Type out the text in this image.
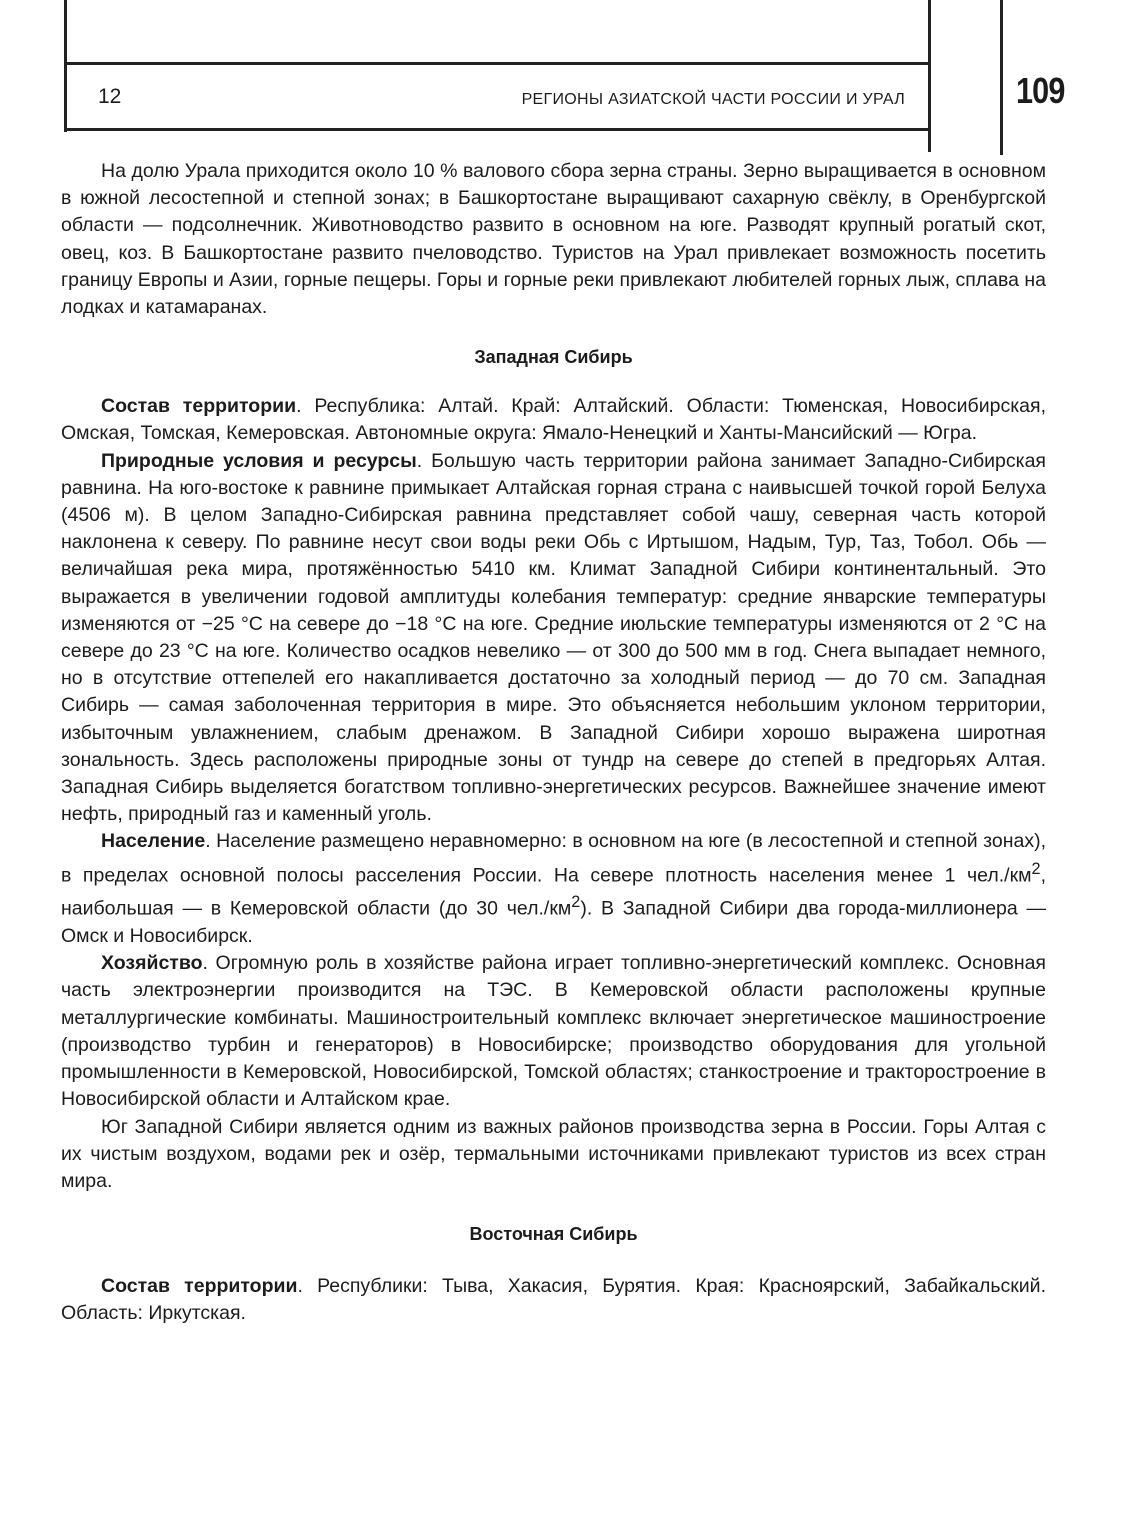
12	РЕГИОНЫ АЗИАТСКОЙ ЧАСТИ РОССИИ И УРАЛ	109

На долю Урала приходится около 10 % валового сбора зерна страны. Зерно выращивается в основном в южной лесостепной и степной зонах; в Башкортостане выращивают сахарную свёклу, в Оренбургской области — подсолнечник. Животноводство развито в основном на юге. Разводят крупный рогатый скот, овец, коз. В Башкортостане развито пчеловодство. Туристов на Урал привлекает возможность посетить границу Европы и Азии, горные пещеры. Горы и горные реки привлекают любителей горных лыж, сплава на лодках и катамаранах.

Западная Сибирь

Состав территории. Республика: Алтай. Край: Алтайский. Области: Тюменская, Новосибирская, Омская, Томская, Кемеровская. Автономные округа: Ямало-Ненецкий и Ханты-Мансийский — Югра.

Природные условия и ресурсы. Большую часть территории района занимает Западно-Сибирская равнина. На юго-востоке к равнине примыкает Алтайская горная страна с наивысшей точкой горой Белуха (4506 м). В целом Западно-Сибирская равнина представляет собой чашу, северная часть которой наклонена к северу. По равнине несут свои воды реки Обь с Иртышом, Надым, Тур, Таз, Тобол. Обь — величайшая река мира, протяжённостью 5410 км. Климат Западной Сибири континентальный. Это выражается в увеличении годовой амплитуды колебания температур: средние январские температуры изменяются от −25 °С на севере до −18 °С на юге. Средние июльские температуры изменяются от 2 °С на севере до 23 °С на юге. Количество осадков невелико — от 300 до 500 мм в год. Снега выпадает немного, но в отсутствие оттепелей его накапливается достаточно за холодный период — до 70 см. Западная Сибирь — самая заболоченная территория в мире. Это объясняется небольшим уклоном территории, избыточным увлажнением, слабым дренажом. В Западной Сибири хорошо выражена широтная зональность. Здесь расположены природные зоны от тундр на севере до степей в предгорьях Алтая. Западная Сибирь выделяется богатством топливно-энергетических ресурсов. Важнейшее значение имеют нефть, природный газ и каменный уголь.

Население. Население размещено неравномерно: в основном на юге (в лесостепной и степной зонах), в пределах основной полосы расселения России. На севере плотность населения менее 1 $чел./км^2$, наибольшая — в Кемеровской области (до 30 $чел./км^2$). В Западной Сибири два города-миллионера — Омск и Новосибирск.

Хозяйство. Огромную роль в хозяйстве района играет топливно-энергетический комплекс. Основная часть электроэнергии производится на ТЭС. В Кемеровской области расположены крупные металлургические комбинаты. Машиностроительный комплекс включает энергетическое машиностроение (производство турбин и генераторов) в Новосибирске; производство оборудования для угольной промышленности в Кемеровской, Новосибирской, Томской областях; станкостроение и тракторостроение в Новосибирской области и Алтайском крае.

Юг Западной Сибири является одним из важных районов производства зерна в России. Горы Алтая с их чистым воздухом, водами рек и озёр, термальными источниками привлекают туристов из всех стран мира.

Восточная Сибирь

Состав территории. Республики: Тыва, Хакасия, Бурятия. Края: Красноярский, Забайкальский. Область: Иркутская.
